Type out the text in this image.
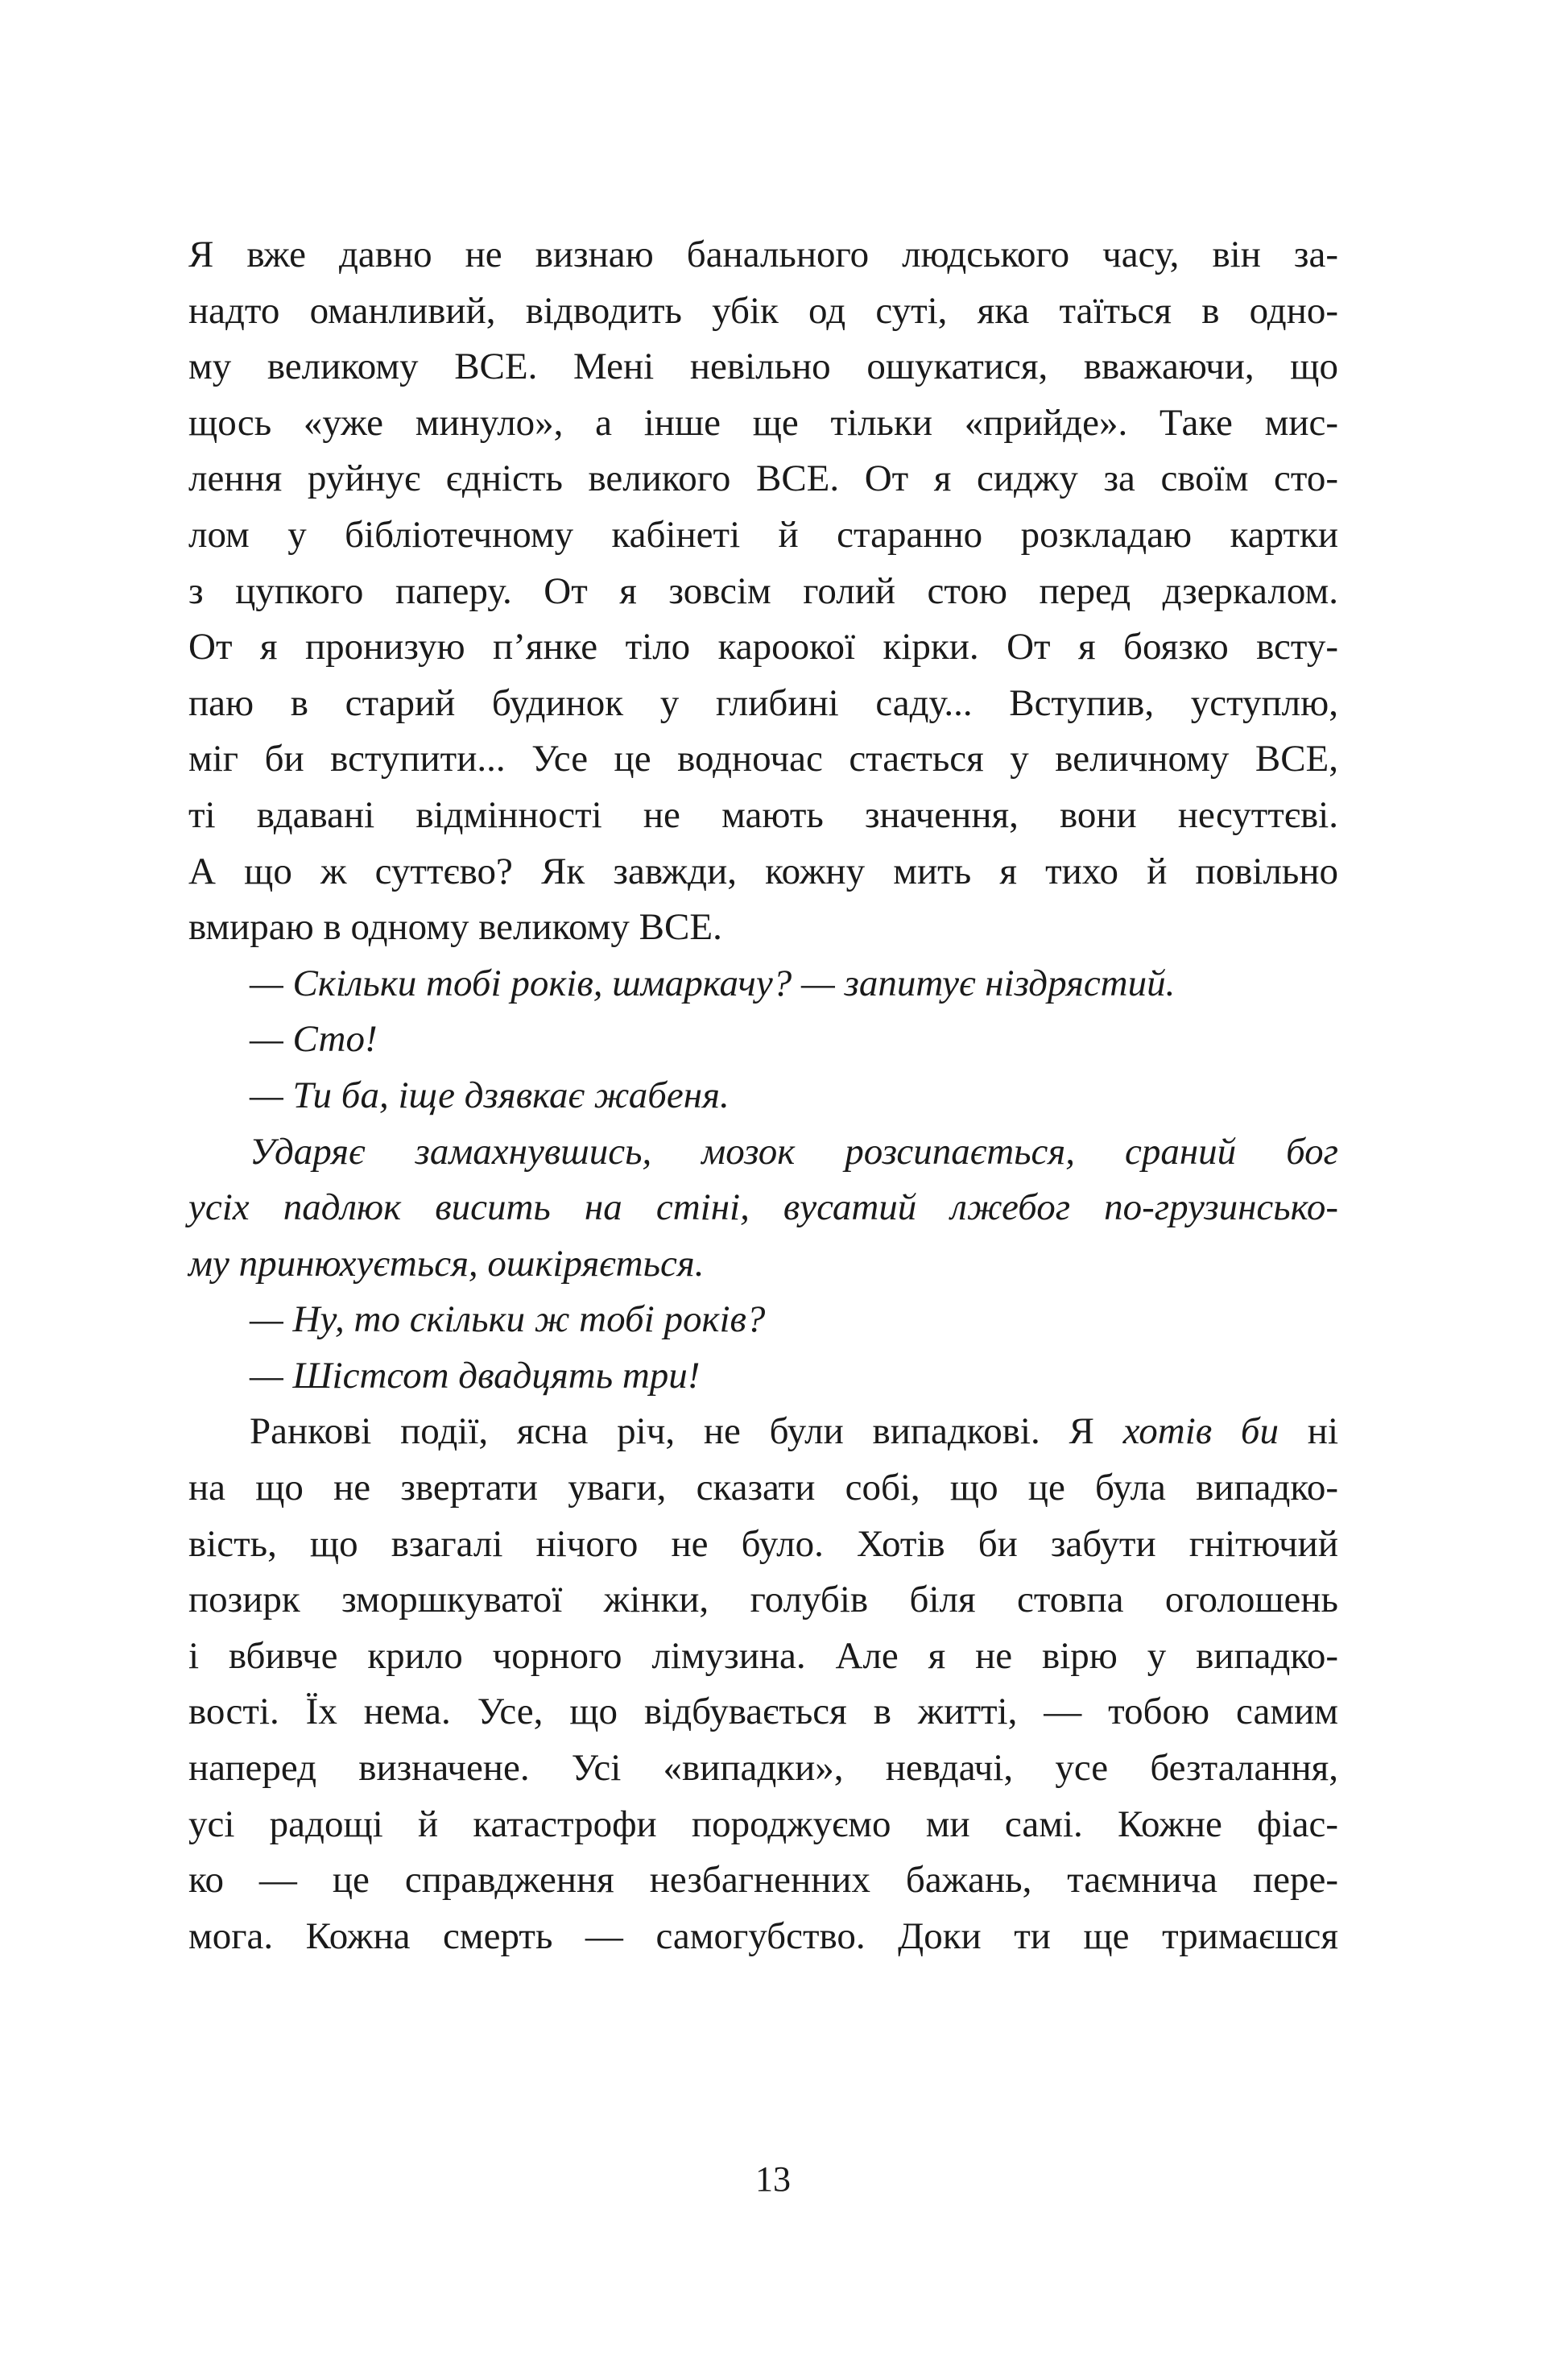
Я вже давно не визнаю банального людського часу, він за-
надто оманливий, відводить убік од суті, яка таїться в одно-
му великому ВСЕ. Мені невільно ошукатися, вважаючи, що
щось «уже минуло», а інше ще тільки «прийде». Таке мис-
лення руйнує єдність великого ВСЕ. От я сиджу за своїм сто-
лом у бібліотечному кабінеті й старанно розкладаю картки
з цупкого паперу. От я зовсім голий стою перед дзеркалом.
От я пронизую п’янке тіло кароокої кірки. От я боязко всту-
паю в старий будинок у глибині саду... Вступив, уступлю,
міг би вступити... Усе це водночас стається у величному ВСЕ,
ті вдавані відмінності не мають значення, вони несуттєві.
А що ж суттєво? Як завжди, кожну мить я тихо й повільно
вмираю в одному великому ВСЕ.
— Скільки тобі років, шмаркачу? — запитує ніздрястий.
— Сто!
— Ти ба, іще дзявкає жабеня.
Ударяє замахнувшись, мозок розсипається, сраний бог
усіх падлюк висить на стіні, вусатий лжебог по-грузинсько-
му принюхується, ошкіряється.
— Ну, то скільки ж тобі років?
— Шістсот двадцять три!
Ранкові події, ясна річ, не були випадкові. Я хотів би ні
на що не звертати уваги, сказати собі, що це була випадко-
вість, що взагалі нічого не було. Хотів би забути гнітючий
позирк зморшкуватої жінки, голубів біля стовпа оголошень
і вбивче крило чорного лімузина. Але я не вірю у випадко-
вості. Їх нема. Усе, що відбувається в житті, — тобою самим
наперед визначене. Усі «випадки», невдачі, усе безталання,
усі радощі й катастрофи породжуємо ми самі. Кожне фіас-
ко — це справдження незбагненних бажань, таємнича пере-
мога. Кожна смерть — самогубство. Доки ти ще тримаєшся
13
